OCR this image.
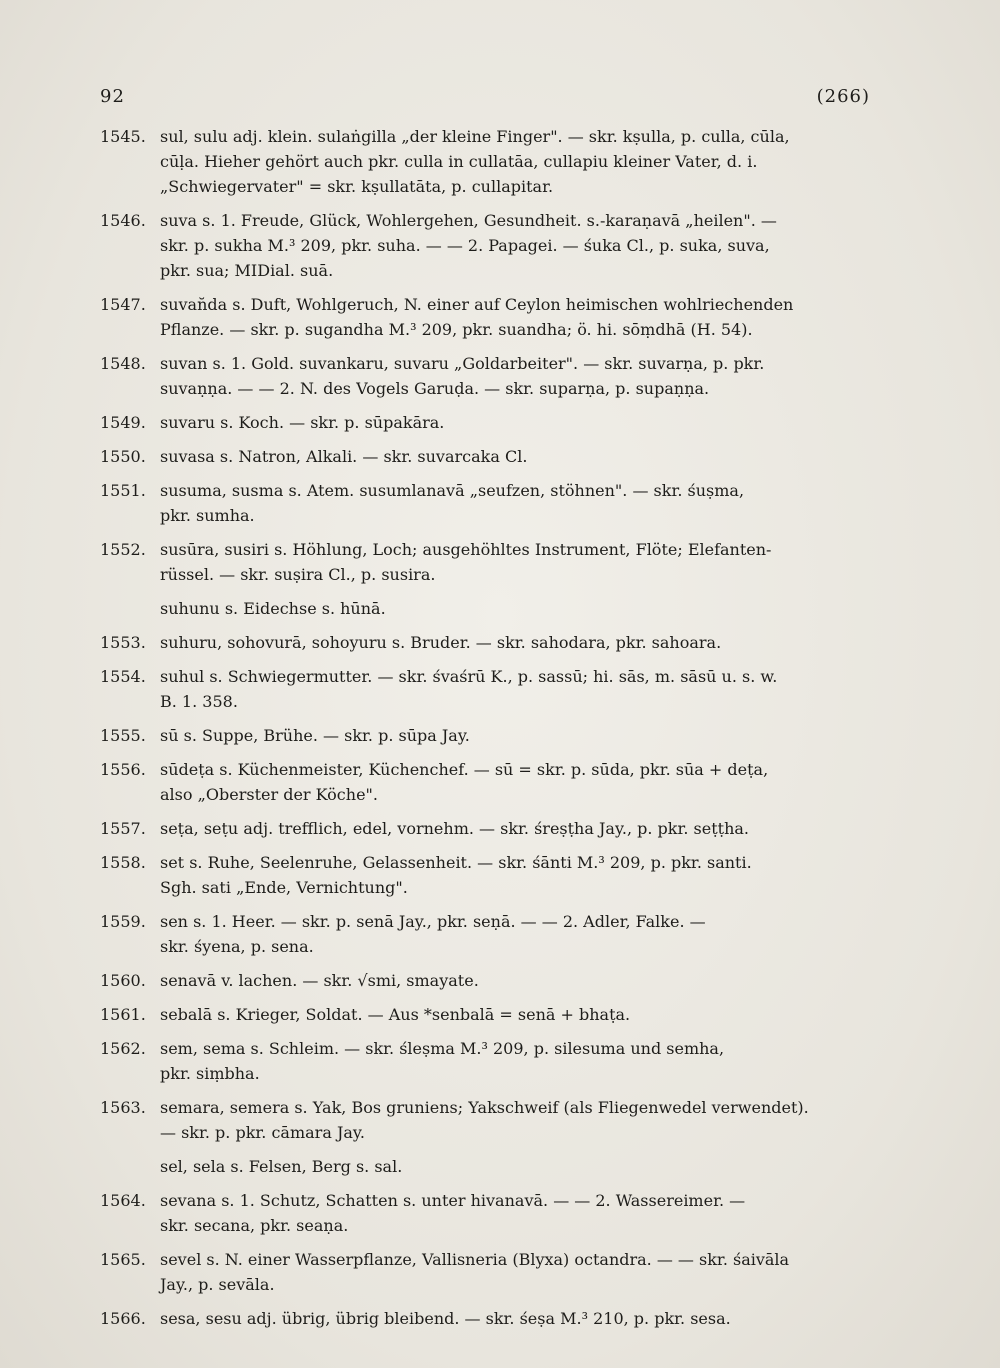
92	(266)
1545. sul, sulu adj. klein. sulaṅgilla „der kleine Finger". — skr. kṣulla, p. culla, cūla,
cūḷa. Hieher gehört auch pkr. culla in cullatāa, cullapiu kleiner Vater, d. i.
„Schwiegervater" = skr. kṣullatāta, p. cullapitar.
1546. suva s. 1. Freude, Glück, Wohlergehen, Gesundheit. s.-karaṇavā „heilen". —
skr. p. sukha M.³ 209, pkr. suha. — — 2. Papagei. — śuka Cl., p. suka, suva,
pkr. sua; MIDial. suā.
1547. suvan̆da s. Duft, Wohlgeruch, N. einer auf Ceylon heimischen wohlriechenden
Pflanze. — skr. p. sugandha M.³ 209, pkr. suandha; ö. hi. sōṃdhā (H. 54).
1548. suvan s. 1. Gold. suvankaru, suvaru „Goldarbeiter". — skr. suvarṇa, p. pkr.
suvaṇṇa. — — 2. N. des Vogels Garuḍa. — skr. suparṇa, p. supaṇṇa.
1549. suvaru s. Koch. — skr. p. sūpakāra.
1550. suvasa s. Natron, Alkali. — skr. suvarcaka Cl.
1551. susuma, susma s. Atem. susumlanavā „seufzen, stöhnen". — skr. śuṣma,
pkr. sumha.
1552. susūra, susiri s. Höhlung, Loch; ausgehöhltes Instrument, Flöte; Elefanten-
rüssel. — skr. suṣira Cl., p. susira.
suhunu s. Eidechse s. hūnā.
1553. suhuru, sohovurā, sohoyuru s. Bruder. — skr. sahodara, pkr. sahoara.
1554. suhul s. Schwiegermutter. — skr. śvaśrū K., p. sassū; hi. sās, m. sāsū u. s. w.
B. 1. 358.
1555. sū s. Suppe, Brühe. — skr. p. sūpa Jay.
1556. sūdeṭa s. Küchenmeister, Küchenchef. — sū = skr. p. sūda, pkr. sūa + deṭa,
also „Oberster der Köche".
1557. seṭa, seṭu adj. trefflich, edel, vornehm. — skr. śreṣṭha Jay., p. pkr. seṭṭha.
1558. set s. Ruhe, Seelenruhe, Gelassenheit. — skr. śānti M.³ 209, p. pkr. santi.
Sgh. sati „Ende, Vernichtung".
1559. sen s. 1. Heer. — skr. p. senā Jay., pkr. seṇā. — — 2. Adler, Falke. —
skr. śyena, p. sena.
1560. senavā v. lachen. — skr. √smi, smayate.
1561. sebalā s. Krieger, Soldat. — Aus *senbalā = senā + bhaṭa.
1562. sem, sema s. Schleim. — skr. śleṣma M.³ 209, p. silesuma und semha,
pkr. siṃbha.
1563. semara, semera s. Yak, Bos gruniens; Yakschweif (als Fliegenwedel verwendet).
— skr. p. pkr. cāmara Jay.
sel, sela s. Felsen, Berg s. sal.
1564. sevana s. 1. Schutz, Schatten s. unter hivanavā. — — 2. Wassereimer. —
skr. secana, pkr. seaṇa.
1565. sevel s. N. einer Wasserpflanze, Vallisneria (Blyxa) octandra. — — skr. śaivāla
Jay., p. sevāla.
1566. sesa, sesu adj. übrig, übrig bleibend. — skr. śeṣa M.³ 210, p. pkr. sesa.
